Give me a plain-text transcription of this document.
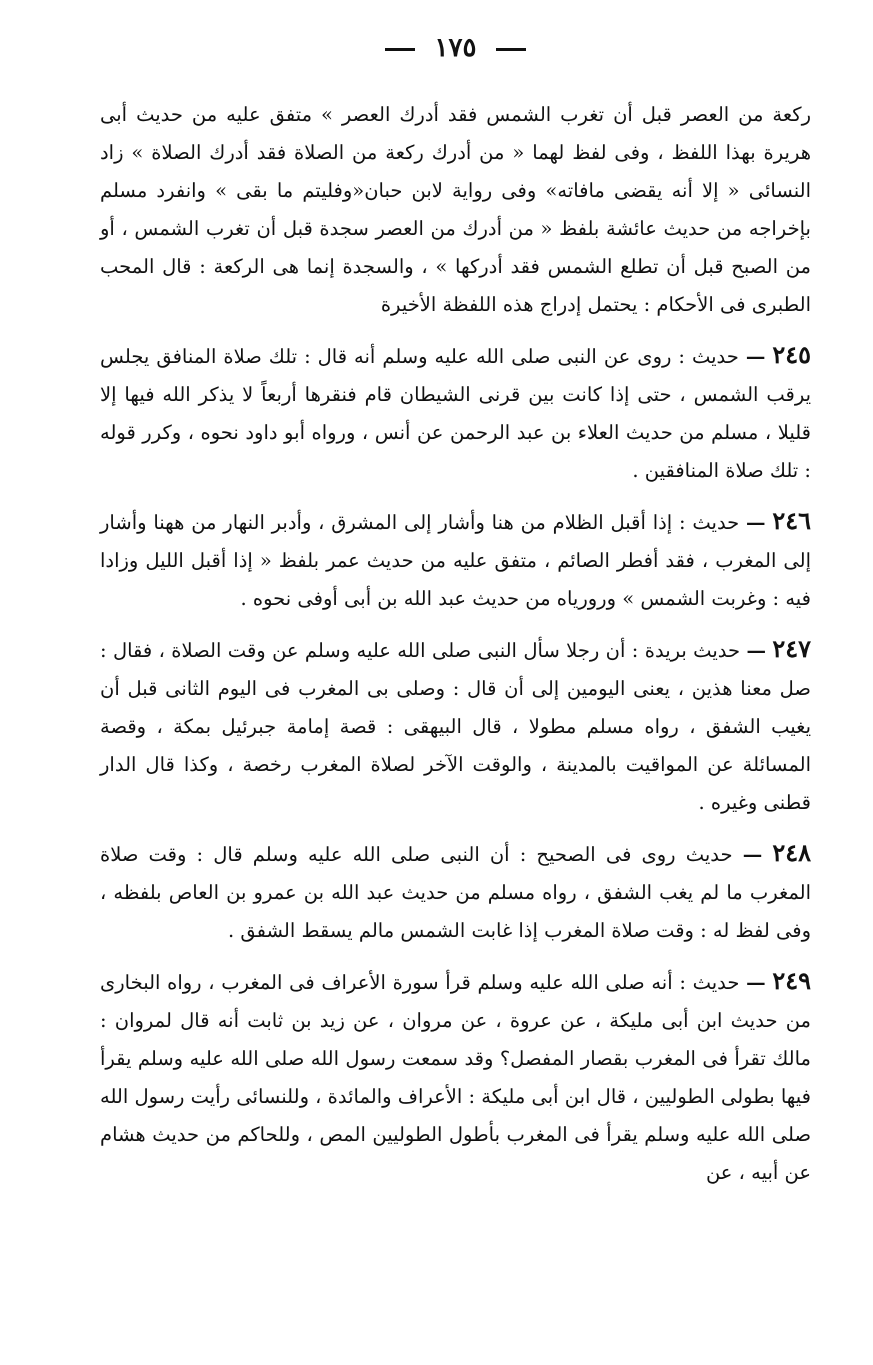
١٧٥

ركعة من العصر قبل أن تغرب الشمس فقد أدرك العصر » متفق عليه من حديث أبى هريرة بهذا اللفظ ، وفى لفظ لهما « من أدرك ركعة من الصلاة فقد أدرك الصلاة » زاد النسائى « إلا أنه يقضى مافاته» وفى رواية لابن حبان«وفليتم ما بقى » وانفرد مسلم بإخراجه من حديث عائشة بلفظ « من أدرك من العصر سجدة قبل أن تغرب الشمس ، أو من الصبح قبل أن تطلع الشمس فقد أدركها » ، والسجدة إنما هى الركعة : قال المحب الطبرى فى الأحكام : يحتمل إدراج هذه اللفظة الأخيرة

٢٤٥ — حديث : روى عن النبى صلى الله عليه وسلم أنه قال : تلك صلاة المنافق يجلس يرقب الشمس ، حتى إذا كانت بين قرنى الشيطان قام فنقرها أربعاً لا يذكر الله فيها إلا قليلا ، مسلم من حديث العلاء بن عبد الرحمن عن أنس ، ورواه أبو داود نحوه ، وكرر قوله : تلك صلاة المنافقين .

٢٤٦ — حديث : إذا أقبل الظلام من هنا وأشار إلى المشرق ، وأدبر النهار من ههنا وأشار إلى المغرب ، فقد أفطر الصائم ، متفق عليه من حديث عمر بلفظ « إذا أقبل الليل وزادا فيه : وغربت الشمس » ورورياه من حديث عبد الله بن أبى أوفى نحوه .

٢٤٧ — حديث بريدة : أن رجلا سأل النبى صلى الله عليه وسلم عن وقت الصلاة ، فقال : صل معنا هذين ، يعنى اليومين إلى أن قال : وصلى بى المغرب فى اليوم الثانى قبل أن يغيب الشفق ، رواه مسلم مطولا ، قال البيهقى : قصة إمامة جبرئيل بمكة ، وقصة المسائلة عن المواقيت بالمدينة ، والوقت الآخر لصلاة المغرب رخصة ، وكذا قال الدار قطنى وغيره .

٢٤٨ — حديث روى فى الصحيح : أن النبى صلى الله عليه وسلم قال : وقت صلاة المغرب ما لم يغب الشفق ، رواه مسلم من حديث عبد الله بن عمرو بن العاص بلفظه ، وفى لفظ له : وقت صلاة المغرب إذا غابت الشمس مالم يسقط الشفق .

٢٤٩ — حديث : أنه صلى الله عليه وسلم قرأ سورة الأعراف فى المغرب ، رواه البخارى من حديث ابن أبى مليكة ، عن عروة ، عن مروان ، عن زيد بن ثابت أنه قال لمروان : مالك تقرأ فى المغرب بقصار المفصل؟ وقد سمعت رسول الله صلى الله عليه وسلم يقرأ فيها بطولى الطوليين ، قال ابن أبى مليكة : الأعراف والمائدة ، وللنسائى رأيت رسول الله صلى الله عليه وسلم يقرأ فى المغرب بأطول الطوليين المص ، وللحاكم من حديث هشام عن أبيه ، عن
